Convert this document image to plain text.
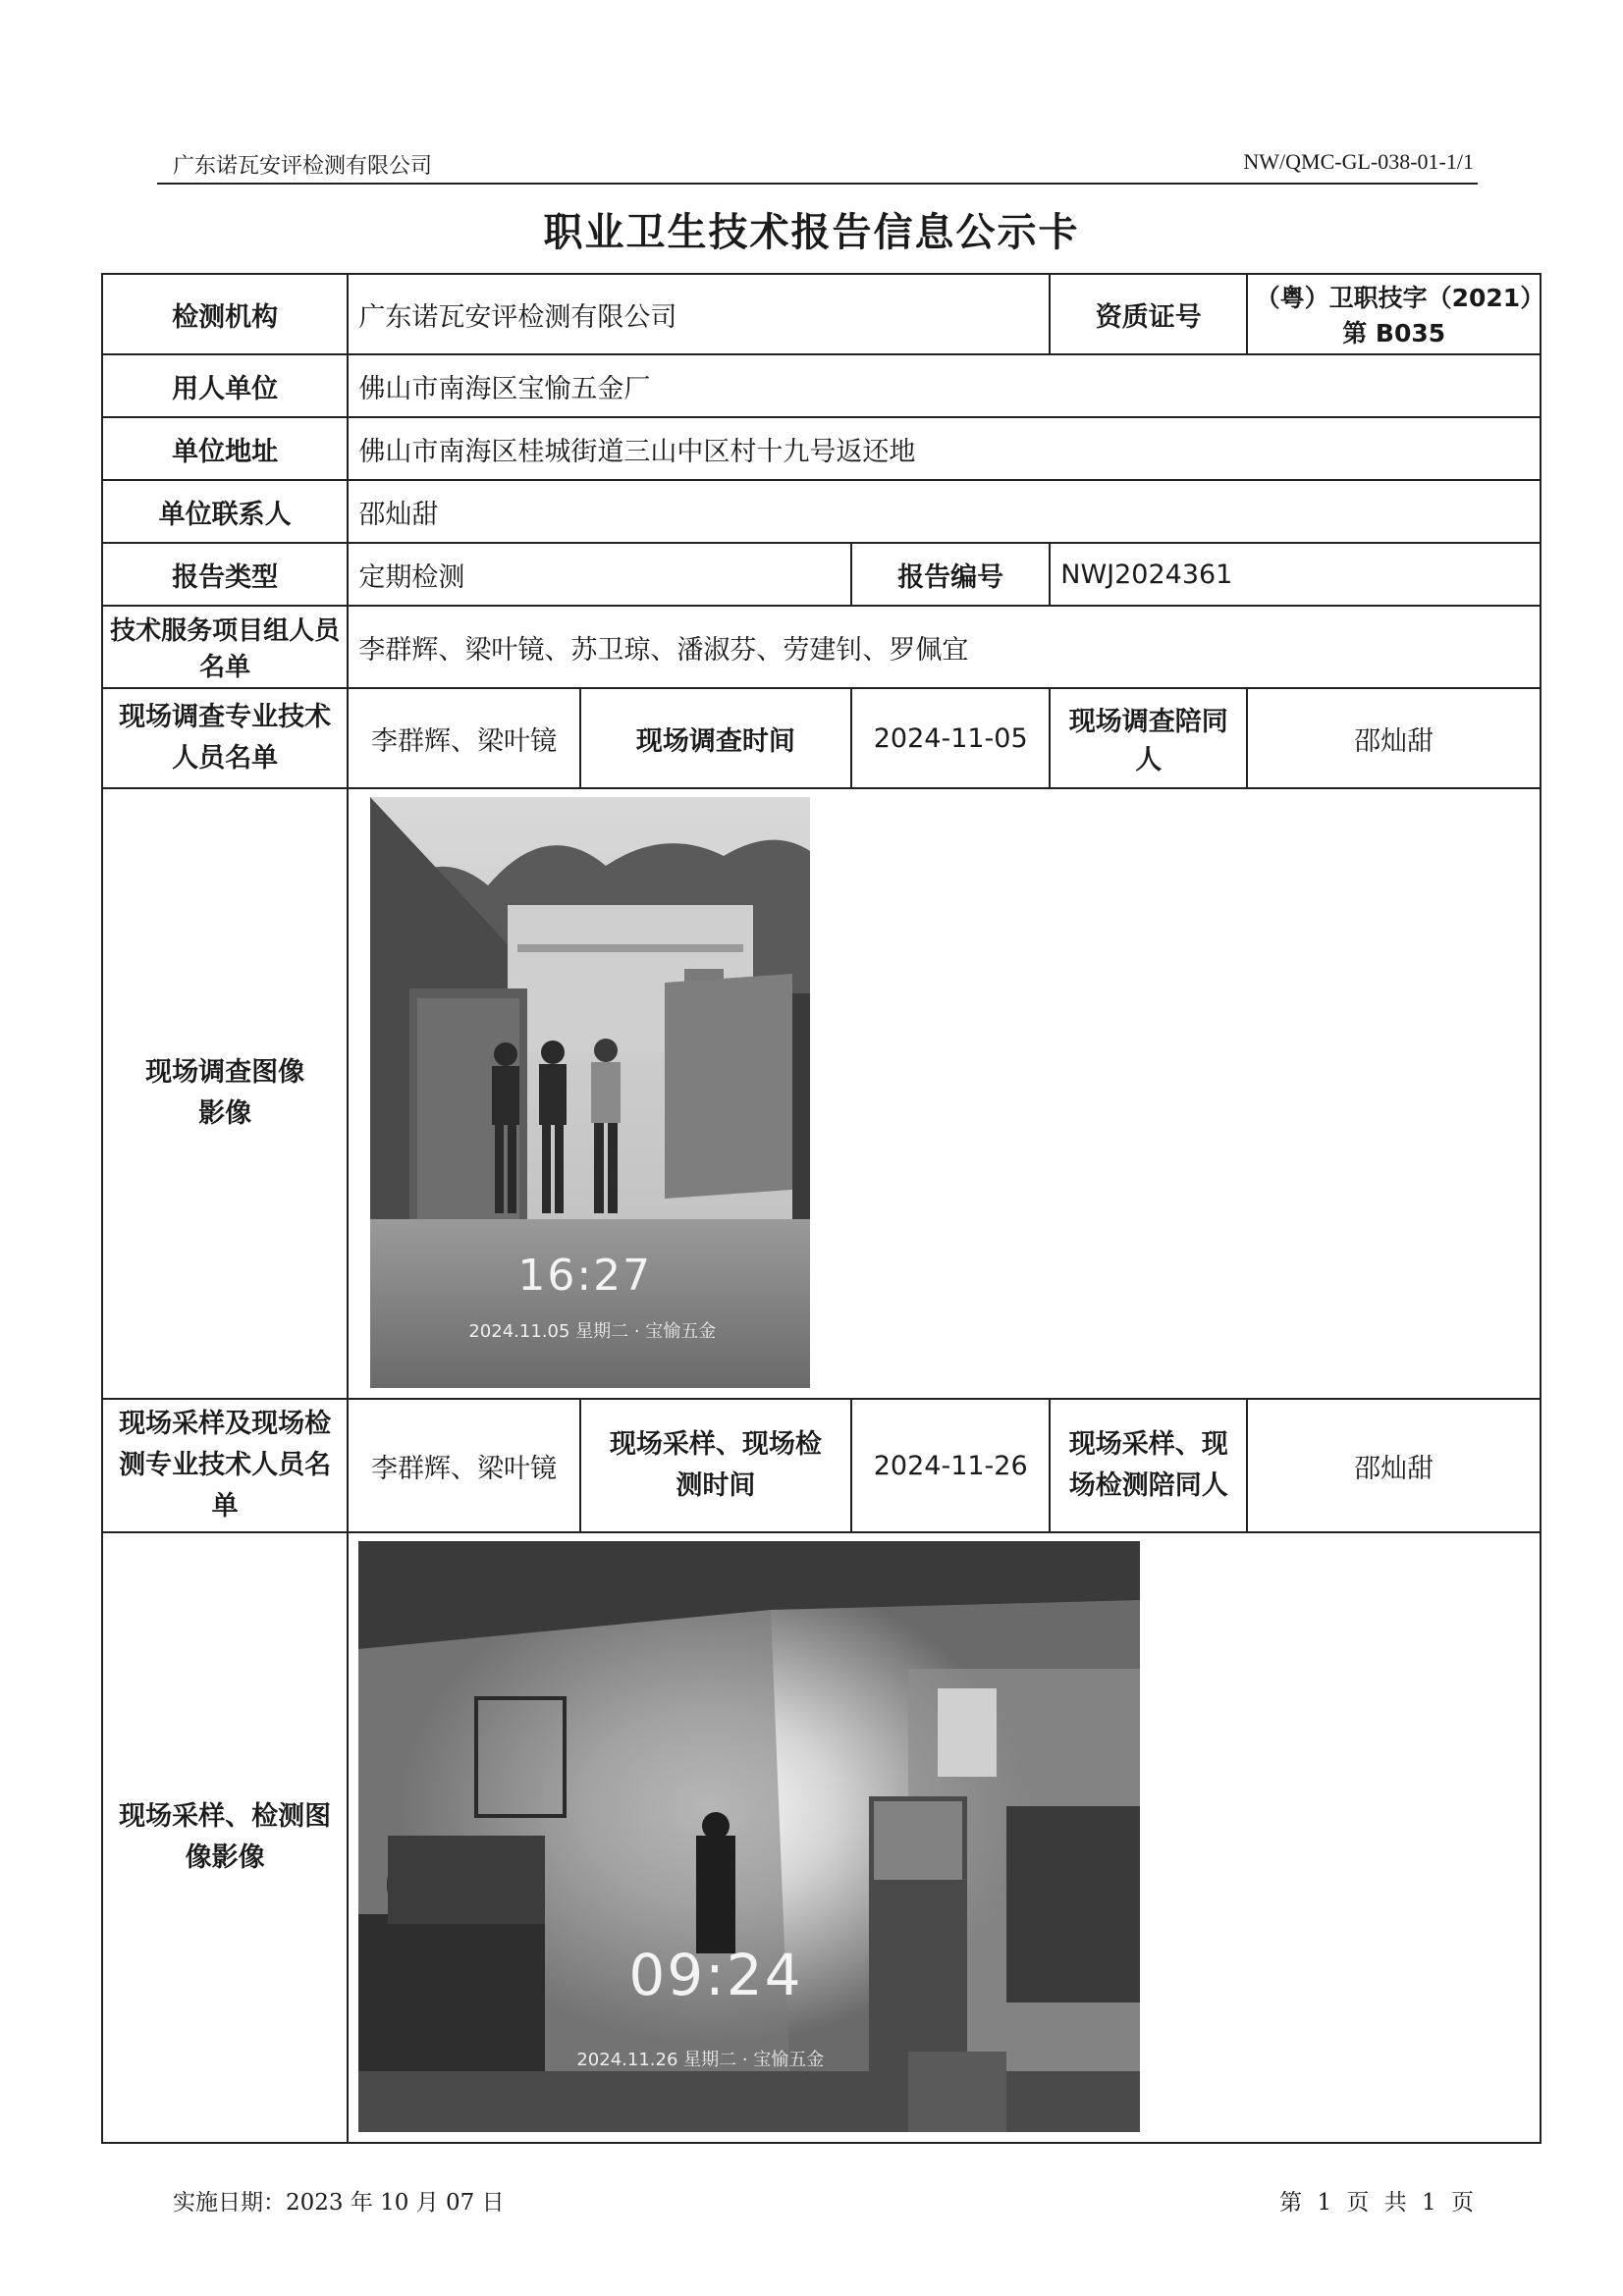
广东诺瓦安评检测有限公司	NW/QMC-GL-038-01-1/1
职业卫生技术报告信息公示卡
检测机构	广东诺瓦安评检测有限公司			资质证号	（粤）卫职技字（2021）第 B035
用人单位	佛山市南海区宝愉五金厂				
单位地址	佛山市南海区桂城街道三山中区村十九号返还地				
单位联系人	邵灿甜				
报告类型	定期检测		报告编号	NWJ2024361	
技术服务项目组人员名单	李群辉、梁叶镜、苏卫琼、潘淑芬、劳建钊、罗佩宜				
现场调查专业技术人员名单	李群辉、梁叶镜	现场调查时间	2024-11-05	现场调查陪同人	邵灿甜
现场调查图像影像	16:27
2024.11.05 星期二 · 宝愉五金				

现场采样及现场检测专业技术人员名单	李群辉、梁叶镜	现场采样、现场检测时间	2024-11-26	现场采样、现场检测陪同人	邵灿甜
现场采样、检测图像影像	09:24
2024.11.26 星期二 · 宝愉五金				
实施日期：2023 年 10 月 07 日	第 1 页 共 1 页
